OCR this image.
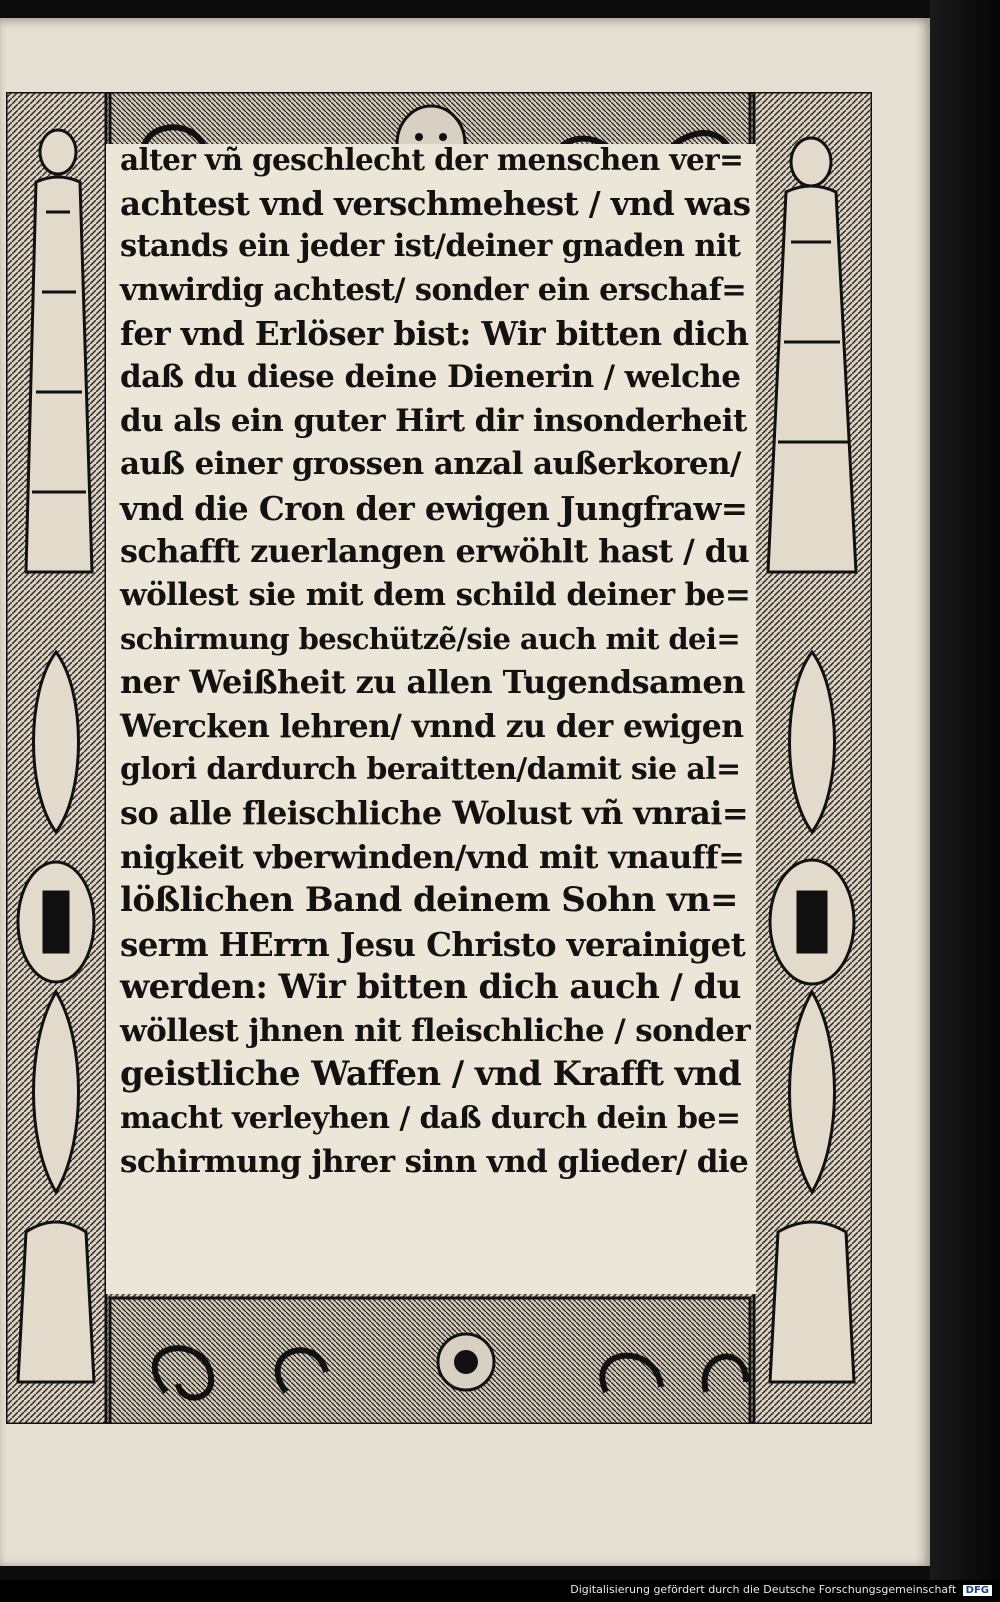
alter vñ geschlecht der menschen ver=
achtest vnd verschmehest / vnd was
stands ein jeder ist/deiner gnaden nit
vnwirdig achtest/ sonder ein erschaf=
fer vnd Erlöser bist: Wir bitten dich
daß du diese deine Dienerin / welche
du als ein guter Hirt dir insonderheit
auß einer grossen anzal außerkoren/
vnd die Cron der ewigen Jungfraw=
schafft zuerlangen erwöhlt hast / du
wöllest sie mit dem schild deiner be=
schirmung beschützẽ/sie auch mit dei=
ner Weißheit zu allen Tugendsamen
Wercken lehren/ vnnd zu der ewigen
glori dardurch beraitten/damit sie al=
so alle fleischliche Wolust vñ vnrai=
nigkeit vberwinden/vnd mit vnauff=
lößlichen Band deinem Sohn vn=
serm HErrn Jesu Christo verainiget
werden: Wir bitten dich auch / du
wöllest jhnen nit fleischliche / sonder
geistliche Waffen / vnd Krafft vnd
macht verleyhen / daß durch dein be=
schirmung jhrer sinn vnd glieder/ die
Digitalisierung gefördert durch die Deutsche Forschungsgemeinschaft DFG
